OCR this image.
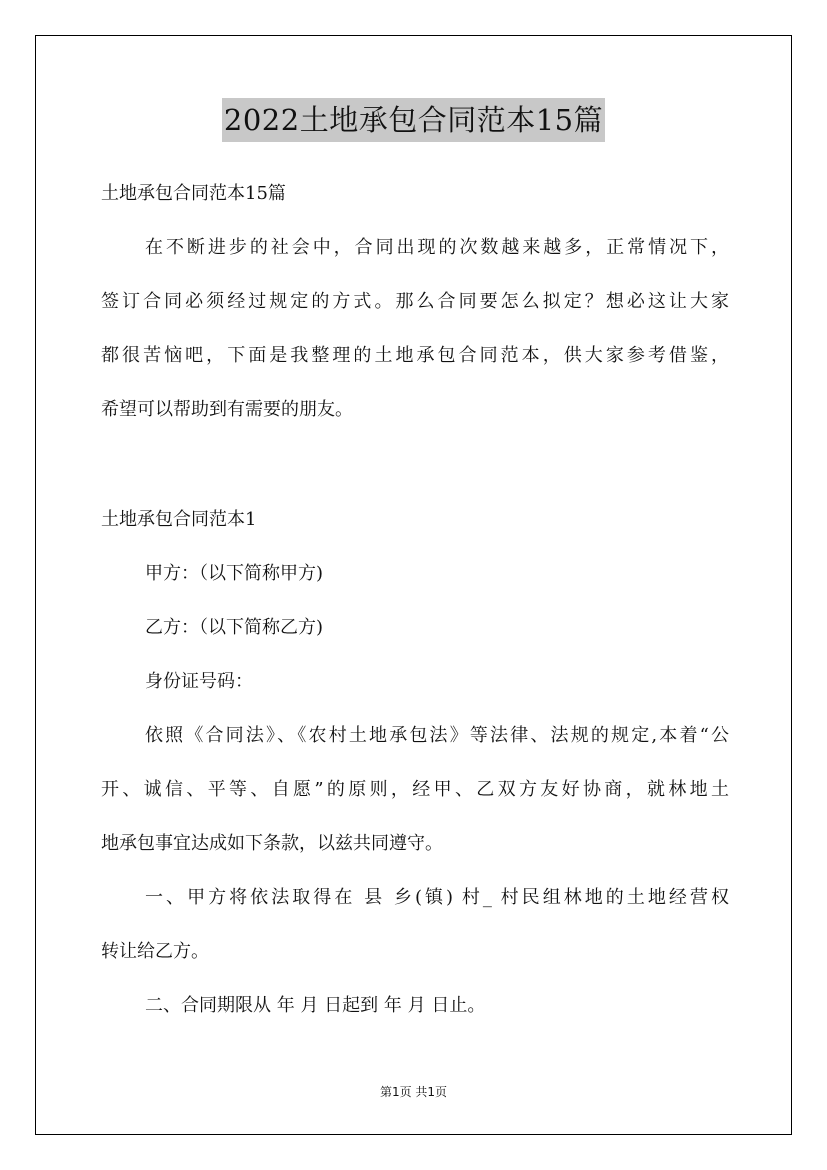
2022土地承包合同范本15篇

土地承包合同范本15篇

在不断进步的社会中，合同出现的次数越来越多，正常情况下，

签订合同必须经过规定的方式。那么合同要怎么拟定？想必这让大家

都很苦恼吧，下面是我整理的土地承包合同范本，供大家参考借鉴，

希望可以帮助到有需要的朋友。

土地承包合同范本1

甲方：（以下简称甲方)

乙方：（以下简称乙方)

身份证号码：

依照《合同法》、《农村土地承包法》等法律、法规的规定,本着“公

开、诚信、平等、自愿”的原则，经甲、乙双方友好协商，就林地土

地承包事宜达成如下条款，以兹共同遵守。

一、甲方将依法取得在 县 乡(镇) 村_ 村民组林地的土地经营权

转让给乙方。

二、合同期限从 年 月 日起到 年 月 日止。

第1页 共1页
